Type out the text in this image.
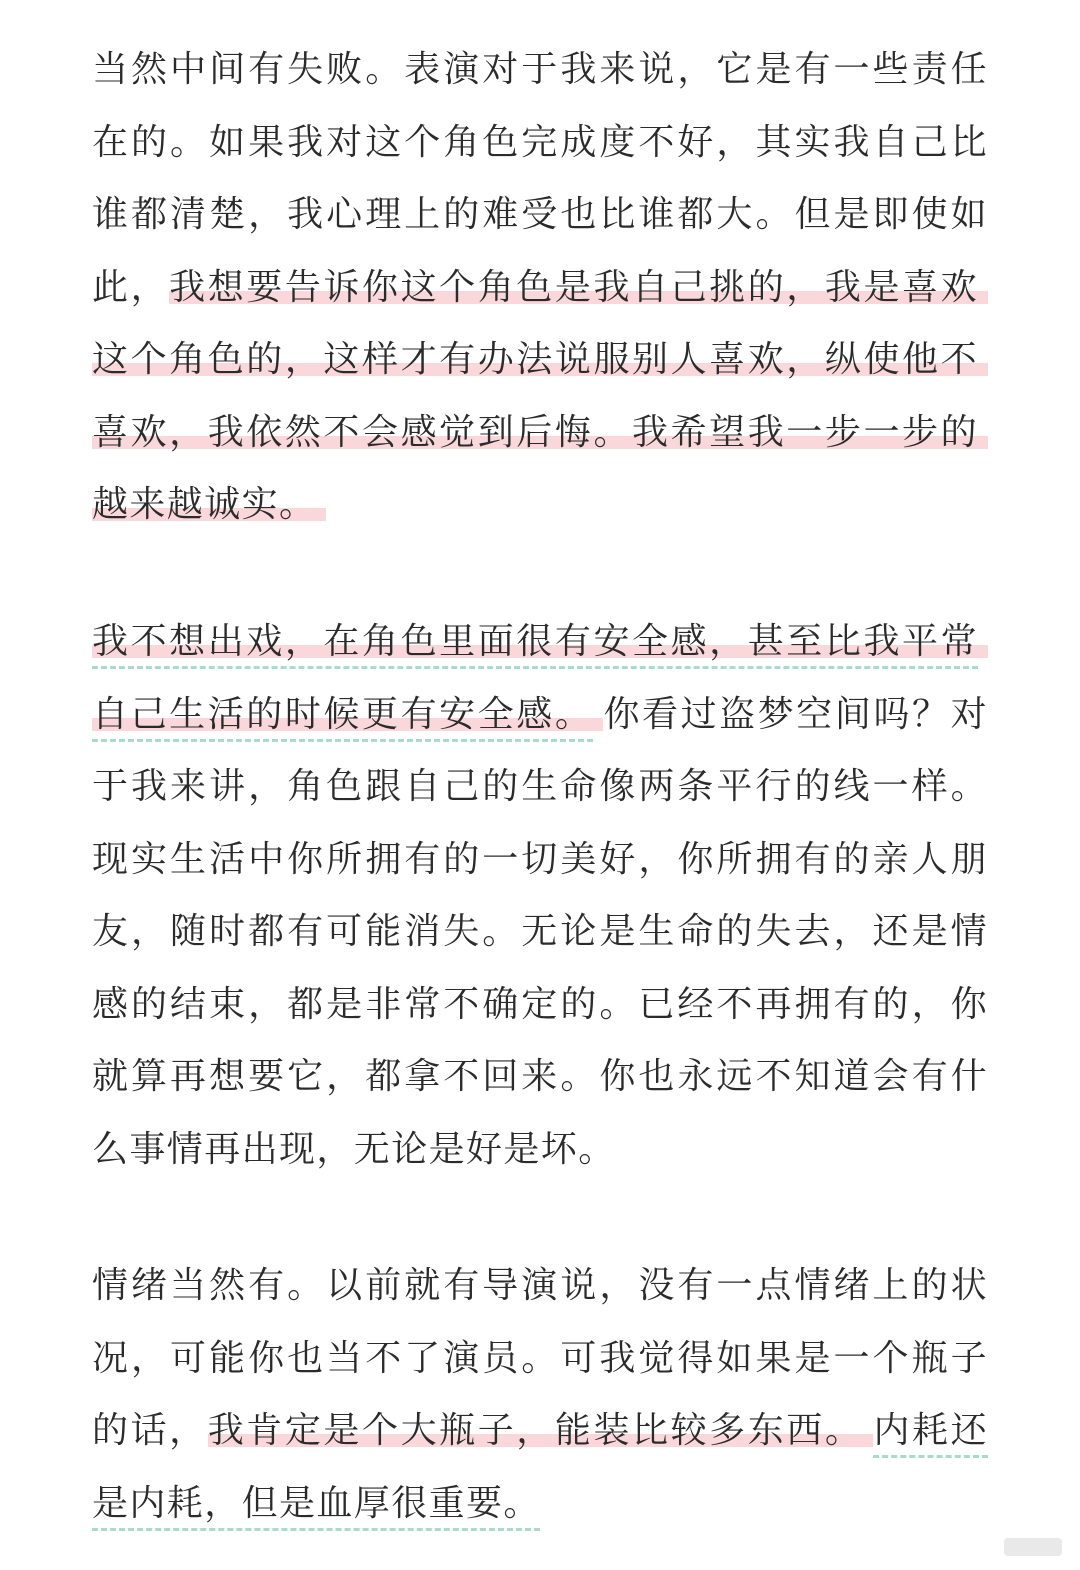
当然中间有失败。表演对于我来说，它是有一些责任在的。如果我对这个角色完成度不好，其实我自己比谁都清楚，我心理上的难受也比谁都大。但是即使如此，我想要告诉你这个角色是我自己挑的，我是喜欢这个角色的，这样才有办法说服别人喜欢，纵使他不喜欢，我依然不会感觉到后悔。我希望我一步一步的越来越诚实。

我不想出戏，在角色里面很有安全感，甚至比我平常自己生活的时候更有安全感。 你看过盗梦空间吗？对于我来讲，角色跟自己的生命像两条平行的线一样。现实生活中你所拥有的一切美好，你所拥有的亲人朋友，随时都有可能消失。无论是生命的失去，还是情感的结束，都是非常不确定的。已经不再拥有的，你就算再想要它，都拿不回来。你也永远不知道会有什么事情再出现，无论是好是坏。

情绪当然有。以前就有导演说，没有一点情绪上的状况，可能你也当不了演员。可我觉得如果是一个瓶子的话，我肯定是个大瓶子，能装比较多东西。 内耗还是内耗，但是血厚很重要。
